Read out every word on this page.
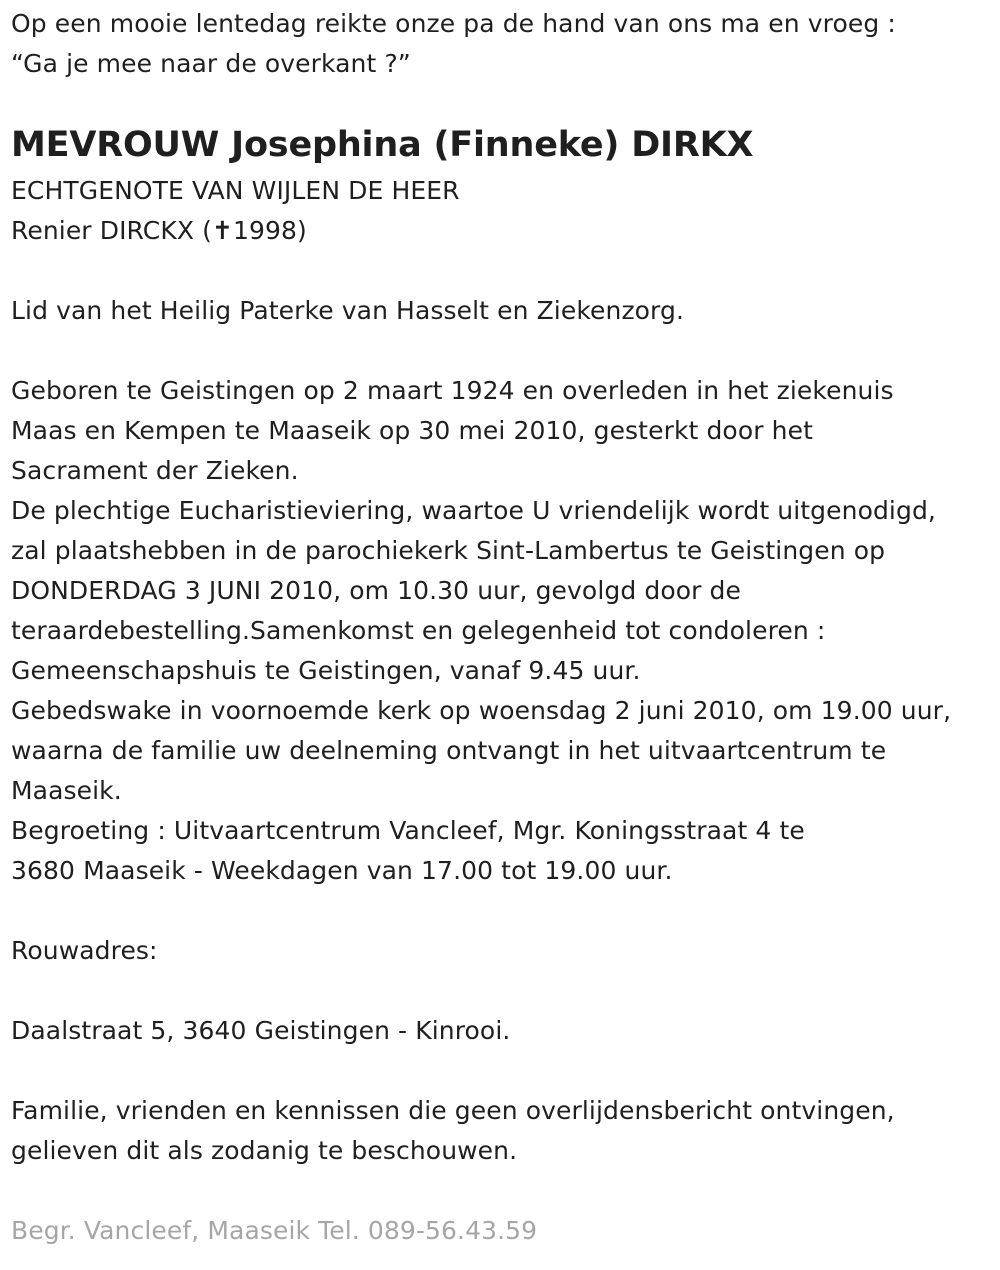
Op een mooie lentedag reikte onze pa de hand van ons ma en vroeg :
“Ga je mee naar de overkant ?”
MEVROUW Josephina (Finneke) DIRKX
ECHTGENOTE VAN WIJLEN DE HEER
Renier DIRCKX (✝1998)
Lid van het Heilig Paterke van Hasselt en Ziekenzorg.
Geboren te Geistingen op 2 maart 1924 en overleden in het ziekenuis
Maas en Kempen te Maaseik op 30 mei 2010, gesterkt door het
Sacrament der Zieken.
De plechtige Eucharistieviering, waartoe U vriendelijk wordt uitgenodigd,
zal plaatshebben in de parochiekerk Sint-Lambertus te Geistingen op
DONDERDAG 3 JUNI 2010, om 10.30 uur, gevolgd door de
teraardebestelling.Samenkomst en gelegenheid tot condoleren :
Gemeenschapshuis te Geistingen, vanaf 9.45 uur.
Gebedswake in voornoemde kerk op woensdag 2 juni 2010, om 19.00 uur,
waarna de familie uw deelneming ontvangt in het uitvaartcentrum te
Maaseik.
Begroeting : Uitvaartcentrum Vancleef, Mgr. Koningsstraat 4 te
3680 Maaseik - Weekdagen van 17.00 tot 19.00 uur.
Rouwadres:
Daalstraat 5, 3640 Geistingen - Kinrooi.
Familie, vrienden en kennissen die geen overlijdensbericht ontvingen,
gelieven dit als zodanig te beschouwen.
Begr. Vancleef, Maaseik Tel. 089-56.43.59
